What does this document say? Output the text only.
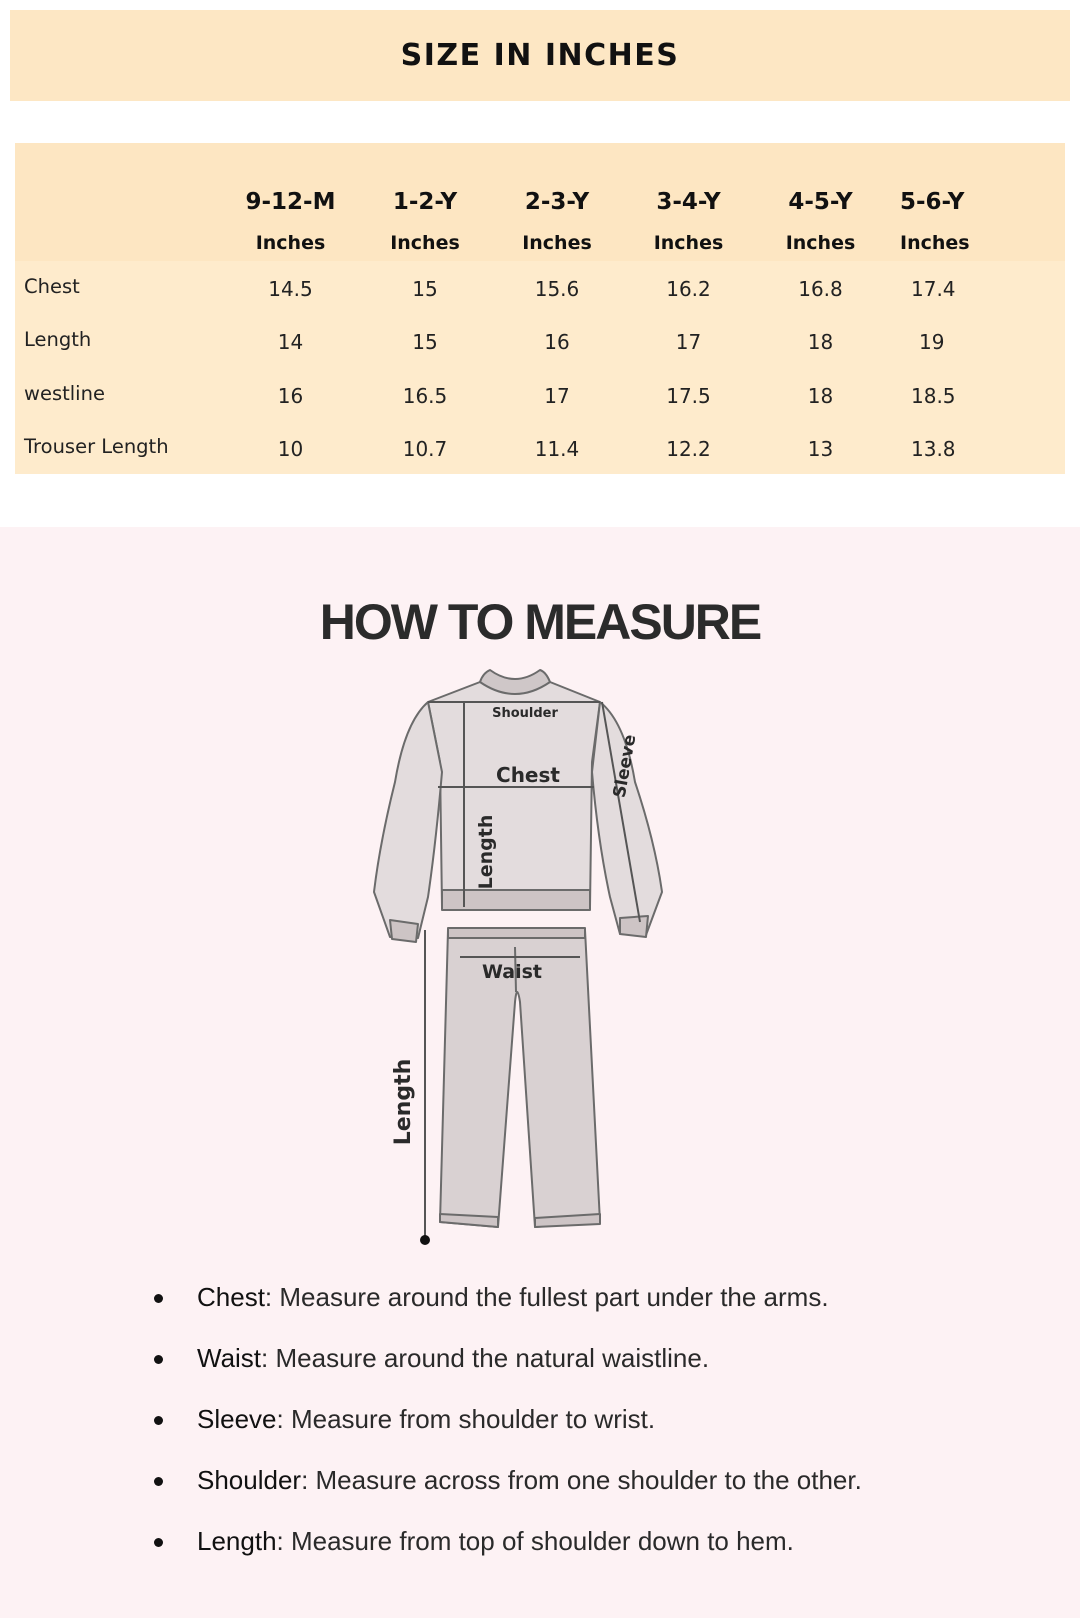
SIZE IN INCHES
	9-12-M	1-2-Y	2-3-Y	3-4-Y	4-5-Y	5-6-Y
	Inches	Inches	Inches	Inches	Inches	Inches
Chest	14.5	15	15.6	16.2	16.8	17.4
Length	14	15	16	17	18	19
westline	16	16.5	17	17.5	18	18.5
Trouser Length	10	10.7	11.4	12.2	13	13.8
HOW TO MEASURE
Shoulder
Chest	Sleeve
Length
Waist
Length
Chest: Measure around the fullest part under the arms.
Waist: Measure around the natural waistline.
Sleeve: Measure from shoulder to wrist.
Shoulder: Measure across from one shoulder to the other.
Length: Measure from top of shoulder down to hem.
